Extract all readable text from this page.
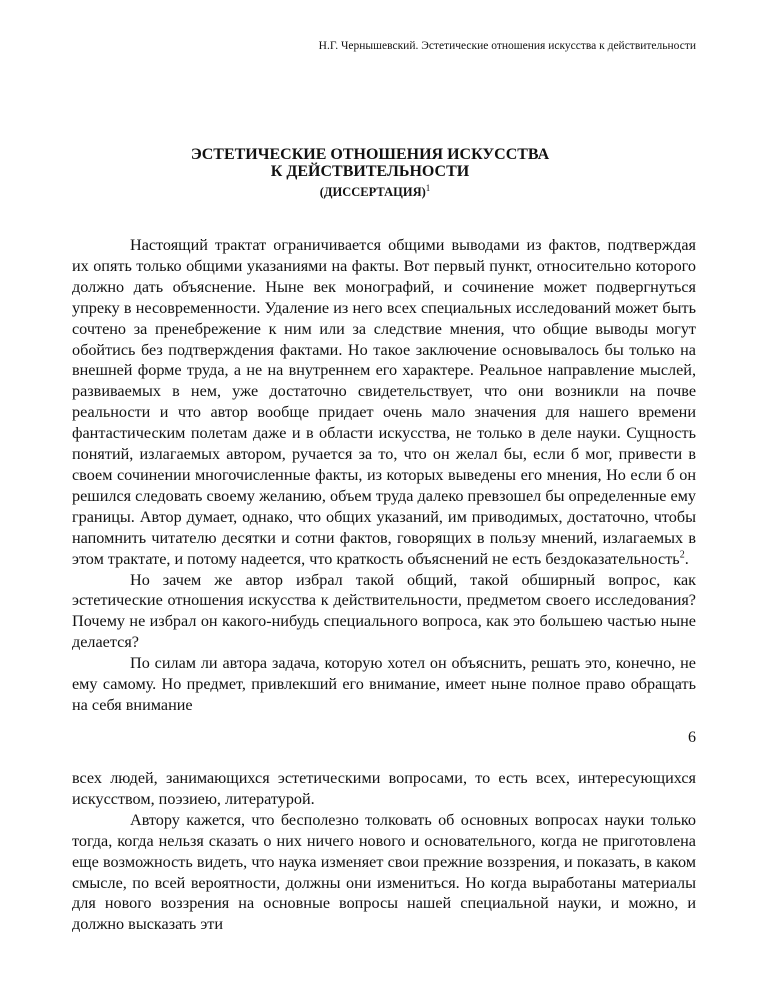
Н.Г. Чернышевский. Эстетические отношения искусства к действительности
ЭСТЕТИЧЕСКИЕ ОТНОШЕНИЯ ИСКУССТВА
К ДЕЙСТВИТЕЛЬНОСТИ
(ДИССЕРТАЦИЯ)$^1$

Настоящий трактат ограничивается общими выводами из фактов, подтверждая их опять только общими указаниями на факты. Вот первый пункт, относительно которого должно дать объяснение. Ныне век монографий, и сочинение может подвергнуться упреку в несовременности. Удаление из него всех специальных исследований может быть сочтено за пренебрежение к ним или за следствие мнения, что общие выводы могут обойтись без подтверждения фактами. Но такое заключение основывалось бы только на внешней форме труда, а не на внутреннем его характере. Реальное направление мыслей, развиваемых в нем, уже достаточно свидетельствует, что они возникли на почве реальности и что автор вообще придает очень мало значения для нашего времени фантастическим полетам даже и в области искусства, не только в деле науки. Сущность понятий, излагаемых автором, ручается за то, что он желал бы, если б мог, привести в своем сочинении многочисленные факты, из которых выведены его мнения, Но если б он решился следовать своему желанию, объем труда далеко превзошел бы определенные ему границы. Автор думает, однако, что общих указаний, им приводимых, достаточно, чтобы напомнить читателю десятки и сотни фактов, говорящих в пользу мнений, излагаемых в этом трактате, и потому надеется, что краткость объяснений не есть бездоказательность$^2$.

Но зачем же автор избрал такой общий, такой обширный вопрос, как эстетические отношения искусства к действительности, предметом своего исследования? Почему не избрал он какого-нибудь специального вопроса, как это большею частью ныне делается?

По силам ли автора задача, которую хотел он объяснить, решать это, конечно, не ему самому. Но предмет, привлекший его внимание, имеет ныне полное право обращать на себя внимание

6

всех людей, занимающихся эстетическими вопросами, то есть всех, интересующихся искусством, поэзиею, литературой.

Автору кажется, что бесполезно толковать об основных вопросах науки только тогда, когда нельзя сказать о них ничего нового и основательного, когда не приготовлена еще возможность видеть, что наука изменяет свои прежние воззрения, и показать, в каком смысле, по всей вероятности, должны они измениться. Но когда выработаны материалы для нового воззрения на основные вопросы нашей специальной науки, и можно, и должно высказать эти
